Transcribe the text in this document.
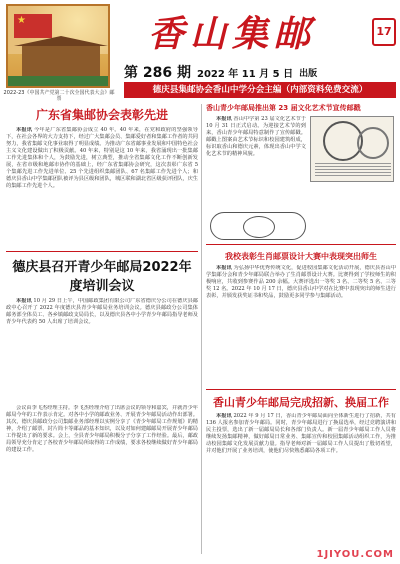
★
2022-23《中国共产党第二十次全国代表大会》邮票
香山集邮	17
第 286 期 2022 年 11 月 5 日 出版
德庆县集邮协会香山中学分会主编（内部资料免费交流）
广东省集邮协会表彰先进
本报讯 今年是广东省集邮协会成立 40 年。40 年来，在党和政府的坚强领导下，在社会各界的大力支持下，经过广大集邮会员、集邮爱好者和集邮工作者的共同努力，我省集邮文化事业取得了明显成绩。为推动广东省邮事业发展和中国特色社会主义文化建设做出了积极贡献。40 年来，特别是这 10 年来，我省涌现出一批集邮工作先进集体和个人，为鼓励先进，树立典型，推动全省集邮文化工作不断创新发展，在省市级和地邮市协作的基础上，经广东省集邮协会研究，这次表彰广东省 5 个集邮先进工作先进单位、25 个先进组织集邮团队、67 名集邮工作先进个人；和德庆县香山中学集邮团队被评为县区级和团队，城区联和湖北省区级获评团队，庆生的集邮工作先进个人。
德庆县召开青少年邮局2022年度培训会议
本报讯 10 月 29 日上午，中国邮政集团有限公司广东省德庆分公司在德庆县邮政中心召开了 2022 年度德庆县青少年邮局业务培训会议。德庆县邮政分公司集体邮务部全体员工、各乡镇邮政支局局长，以及德庆县各中小学青少年邮局指导老师及青少年代表约 50 人出席了培训会议。
会议由李飞杰经理主持。李飞杰经理介绍了出席会议的领导和嘉宾，并就青少年邮局今年的工作表示肯定。对各中小学的邮政业务、开展青少年邮局活动作出部署。其次，德庆县邮政分公司集邮业务部经理以实例分享了《青少年邮局工作规划》的精神，介绍了邮票、封片简卡等邮品的基本知识，以及对如何建邮邮局开展青少年邮局工作提出了新的要求。会上，全县青少年邮局积极分子分享了工作经验。最后，邮政局领导充分肯定了各校青少年邮局所取得的工作成绩，要求各校继续做好青少年邮局的建设工作。
香山青少年邮局推出第 23 届文化艺术节宣传邮戳
本报讯 香山中学第 23 届文化艺术节于 10 月 31 日正式启动。为迎接艺术节的到来，香山青少年邮局特意制作了宣传邮戳。邮戳上图案由艺术节标识和校园建筑组成，标识取香山和德庆元素，体现出香山中学文化艺术节的精神风貌。
我校表彰生肖邮票设计大赛中表现突出师生
本报讯 为弘扬中华优秀传统文化，促进校园集邮文化活动开展，德庆县香山中学集邮分会和青少年邮局联合举办了生肖邮票设计大赛。比赛得到了学校师生的积极响应，共收到参赛作品 200 余幅。大赛评选出一等奖 3 名、二等奖 5 名、三等奖 12 名。2022 年 10 月 17 日，德庆县香山中学对在比赛中表现突出的师生进行表彰，并颁发获奖证书和奖品，鼓励更多同学参与集邮活动。
香山青少年邮局完成招新、换届工作
本报讯 2022 年 9 月 17 日，香山青少年邮局面向全体新生进行了招新，共有 136 人报名参加青少年邮局。同时，青少年邮局进行了换届选举，经过竞聘演讲和民主投票，选出了新一届邮局局长和各部门负责人。新一届青少年邮局工作人员将继续发扬集邮精神，做好邮局日常业务、集邮宣传和校园集邮活动组织工作，为推动校园集邮文化发展贡献力量。指导老师对新一届邮局工作人员提出了殷切希望，并对他们开展了业务培训，使他们尽快熟悉邮局各项工作。
1JIYOU.COM
